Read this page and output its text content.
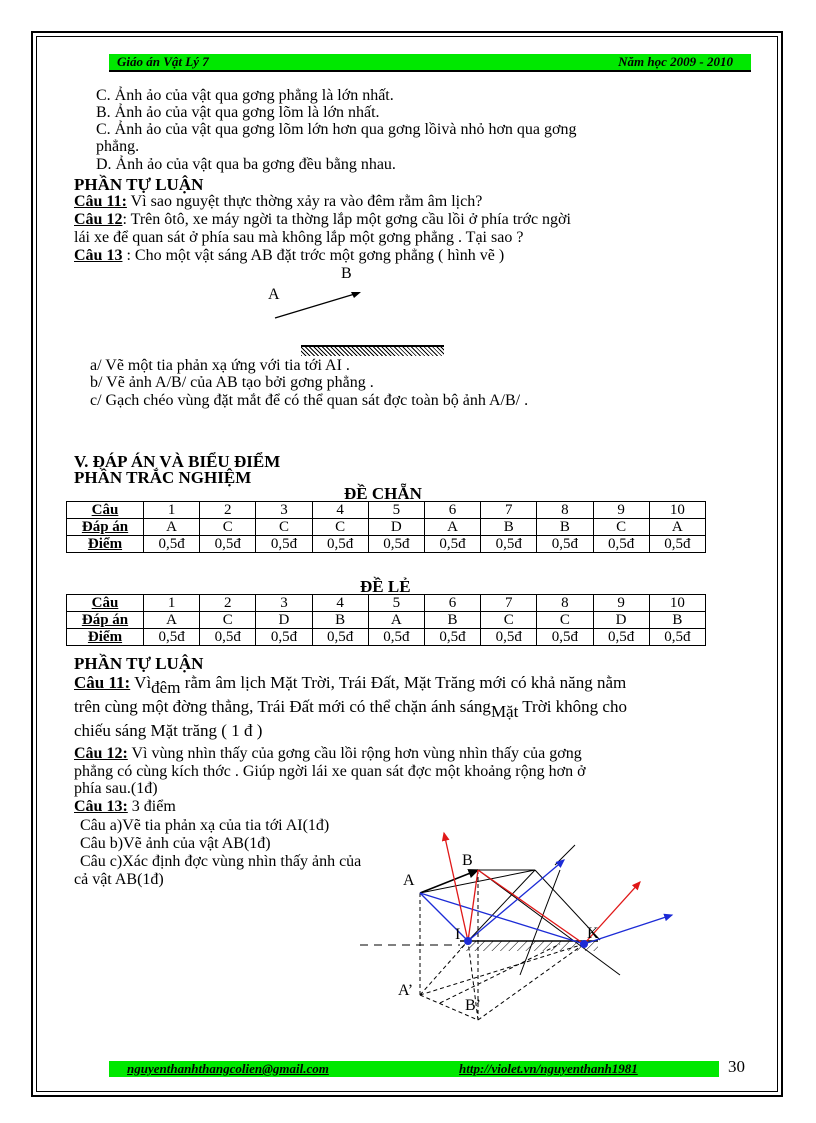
Giáo án Vật Lý 7	Năm học 2009 - 2010
C. Ảnh ảo của vật qua gơng phẳng là lớn nhất.
B. Ảnh ảo của vật qua gơng lõm là lớn nhất.
C. Ảnh ảo của vật qua gơng lõm lớn hơn qua gơng lồivà nhỏ hơn qua gơng
phẳng.
D. Ảnh ảo của vật qua ba gơng đều bằng nhau.
PHẦN TỰ LUẬN
Câu 11: Vì sao nguyệt thực thờng xảy ra vào đêm rằm âm lịch?
Câu 12: Trên ôtô, xe máy ngời ta thờng lắp một gơng cầu lồi ở phía trớc ngời
lái xe để quan sát ở phía sau mà không lắp một gơng phẳng . Tại sao ?
Câu 13 : Cho một vật sáng AB đặt trớc một gơng phẳng ( hình vẽ )
B
A
a/ Vẽ một tia phản xạ ứng với tia tới AI .
b/ Vẽ ảnh A/B/ của AB tạo bởi gơng phẳng .
c/ Gạch chéo vùng đặt mắt để có thể quan sát đợc toàn bộ ảnh A/B/ .
V. ĐÁP ÁN VÀ BIỂU ĐIỂM
PHẦN TRẮC NGHIỆM
ĐỀ CHẴN
Câu	1	2	3	4	5	6	7	8	9	10
Đáp án	A	C	C	C	D	A	B	B	C	A
Điểm	0,5đ	0,5đ	0,5đ	0,5đ	0,5đ	0,5đ	0,5đ	0,5đ	0,5đ	0,5đ
ĐỀ LẺ
Câu	1	2	3	4	5	6	7	8	9	10
Đáp án	A	C	D	B	A	B	C	C	D	B
Điểm	0,5đ	0,5đ	0,5đ	0,5đ	0,5đ	0,5đ	0,5đ	0,5đ	0,5đ	0,5đ
PHẦN TỰ LUẬN
Câu 11: Vìđêm rằm âm lịch Mặt Trời, Trái Đất, Mặt Trăng mới có khả năng nằm
trên cùng một đờng thẳng, Trái Đất mới có thể chặn ánh sángMặt Trời không cho
chiếu sáng Mặt trăng ( 1 đ )
Câu 12: Vì vùng nhìn thấy của gơng cầu lồi rộng hơn vùng nhìn thấy của gơng
phẳng có cùng kích thớc . Giúp ngời lái xe quan sát đợc một khoảng rộng hơn ở
phía sau.(1đ)
Câu 13: 3 điểm
Câu a)Vẽ tia phản xạ của tia tới AI(1đ)
Câu b)Vẽ ảnh của vật AB(1đ)
Câu c)Xác định đợc vùng nhìn thấy ảnh của
cả vật AB(1đ)	A
B
I	K
A’
B’
nguyenthanhthangcolien@gmail.com	http://violet.vn/nguyenthanh1981	30
